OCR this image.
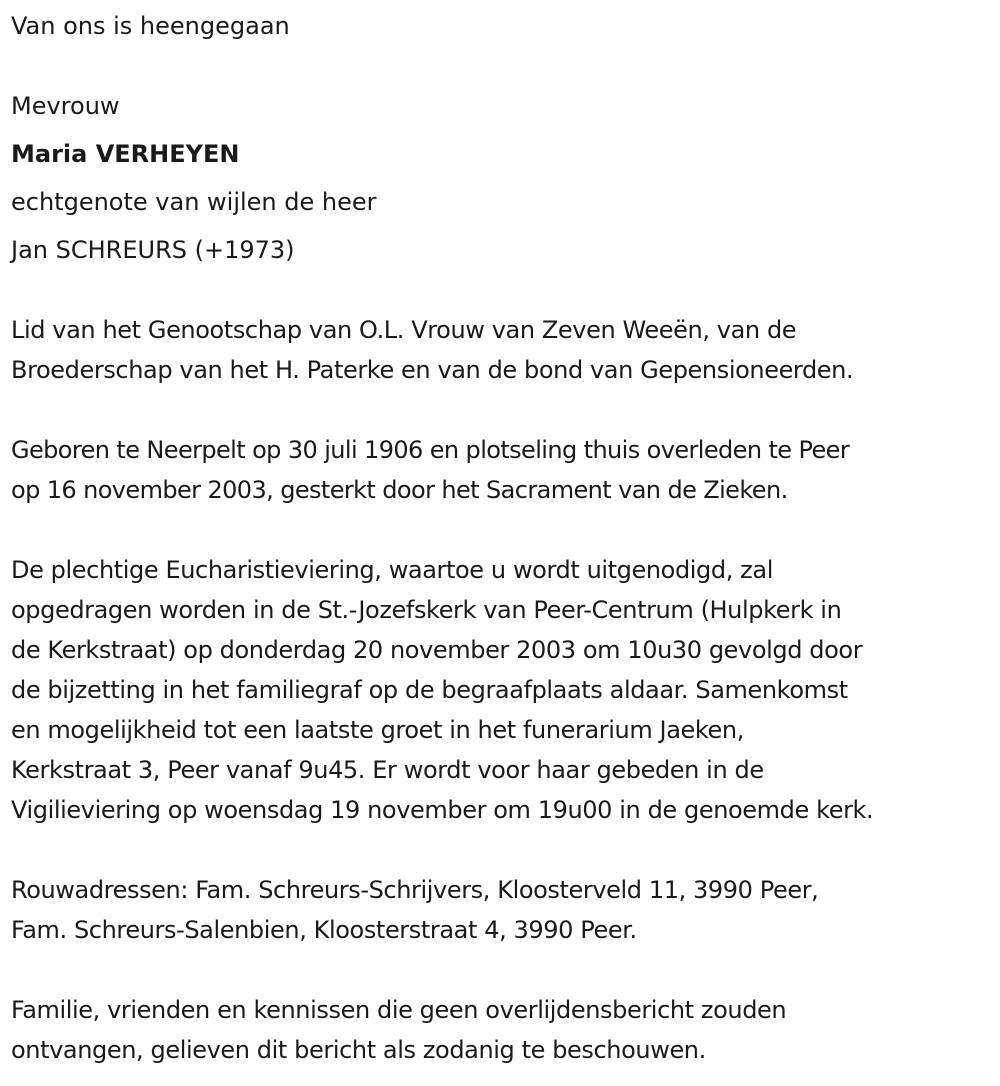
Van ons is heengegaan
Mevrouw
Maria VERHEYEN
echtgenote van wijlen de heer
Jan SCHREURS (+1973)
Lid van het Genootschap van O.L. Vrouw van Zeven Weeën, van de
Broederschap van het H. Paterke en van de bond van Gepensioneerden.
Geboren te Neerpelt op 30 juli 1906 en plotseling thuis overleden te Peer
op 16 november 2003, gesterkt door het Sacrament van de Zieken.
De plechtige Eucharistieviering, waartoe u wordt uitgenodigd, zal
opgedragen worden in de St.-Jozefskerk van Peer-Centrum (Hulpkerk in
de Kerkstraat) op donderdag 20 november 2003 om 10u30 gevolgd door
de bijzetting in het familiegraf op de begraafplaats aldaar. Samenkomst
en mogelijkheid tot een laatste groet in het funerarium Jaeken,
Kerkstraat 3, Peer vanaf 9u45. Er wordt voor haar gebeden in de
Vigilieviering op woensdag 19 november om 19u00 in de genoemde kerk.
Rouwadressen: Fam. Schreurs-Schrijvers, Kloosterveld 11, 3990 Peer,
Fam. Schreurs-Salenbien, Kloosterstraat 4, 3990 Peer.
Familie, vrienden en kennissen die geen overlijdensbericht zouden
ontvangen, gelieven dit bericht als zodanig te beschouwen.
